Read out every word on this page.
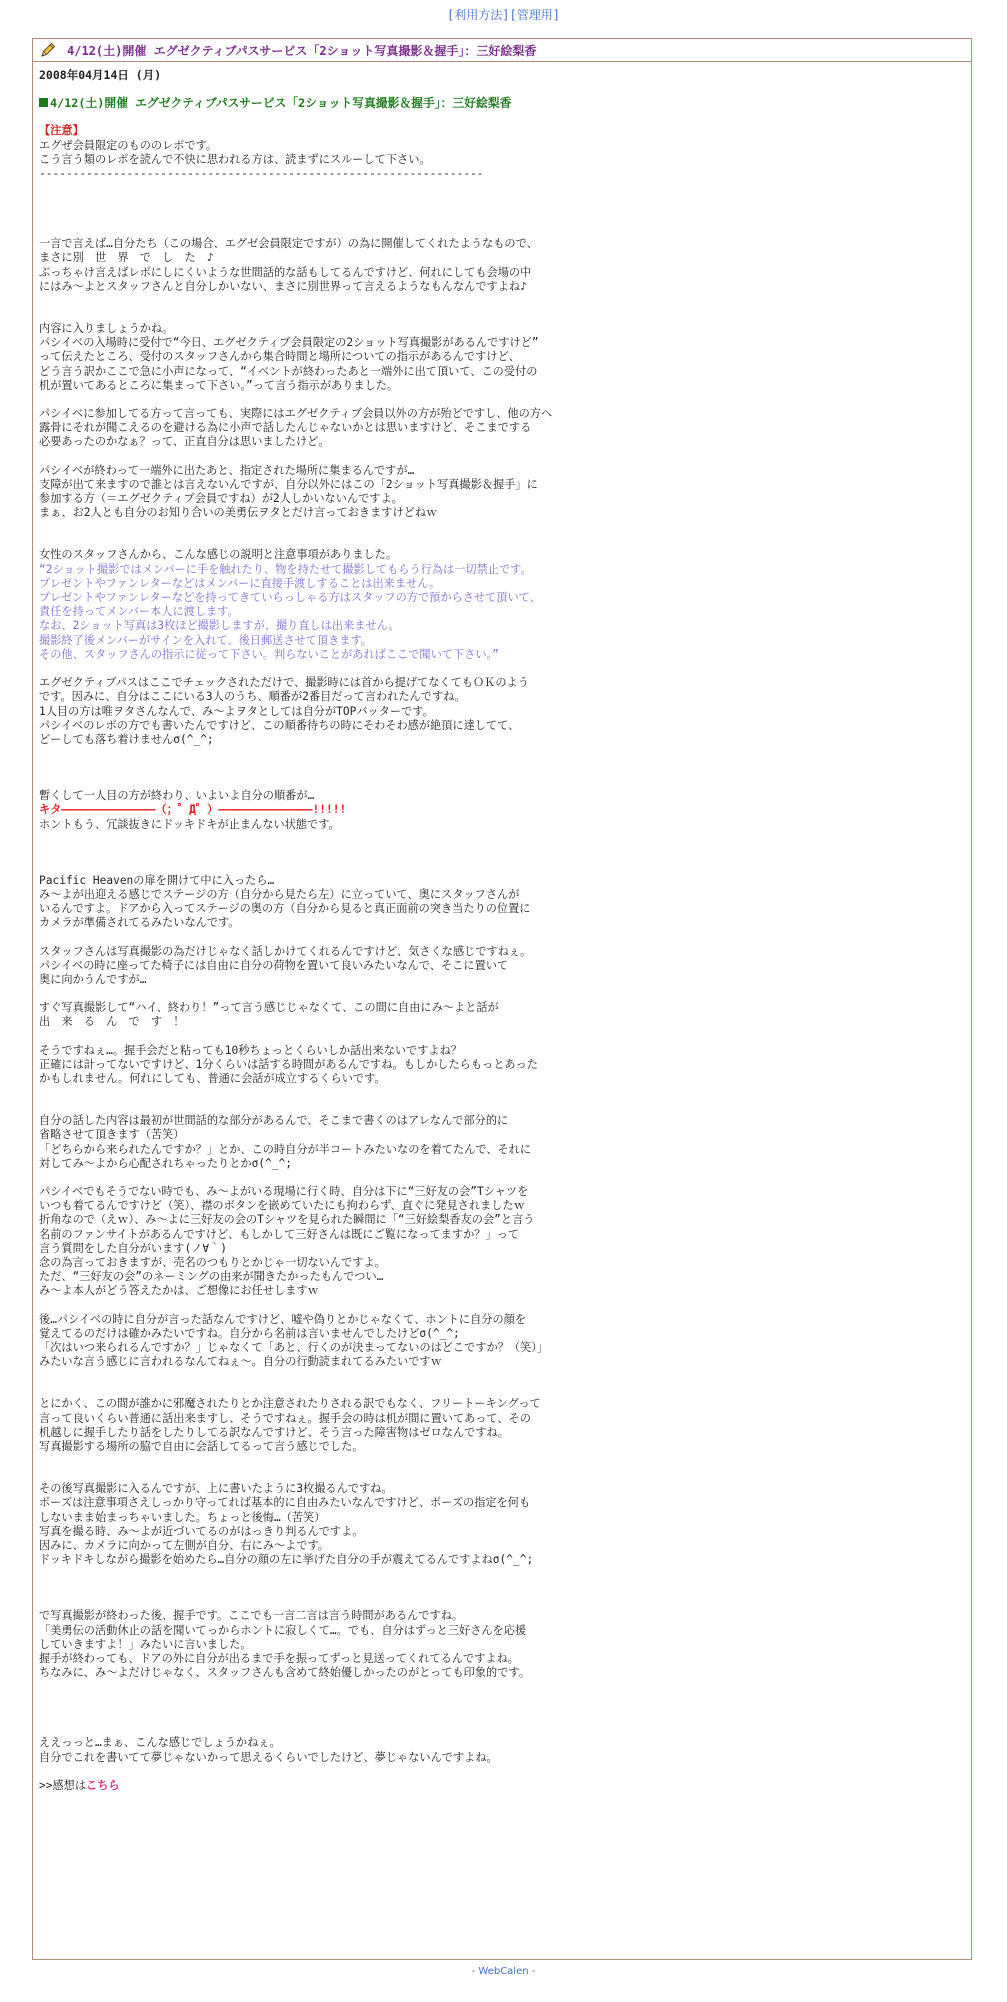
[利用方法][管理用]
4/12(土)開催 エグゼクティブパスサービス「2ショット写真撮影＆握手」：三好絵梨香
2008年04月14日 (月)
4/12(土)開催 エグゼクティブパスサービス「2ショット写真撮影＆握手」：三好絵梨香
【注意】
エグぜ会員限定のもののレポです。
こう言う類のレポを読んで不快に思われる方は、読まずにスルーして下さい。
------------------------------------------------------------------
一言で言えば…自分たち（この場合、エグゼ会員限定ですが）の為に開催してくれたようなもので、
まさに別　世　界　で　し　た　♪
ぶっちゃけ言えばレポにしにくいような世間話的な話もしてるんですけど、何れにしても会場の中
にはみ～よとスタッフさんと自分しかいない、まさに別世界って言えるようなもんなんですよね♪
内容に入りましょうかね。
パシイベの入場時に受付で“今日、エグゼクティブ会員限定の2ショット写真撮影があるんですけど”
って伝えたところ、受付のスタッフさんから集合時間と場所についての指示があるんですけど、
どう言う訳かここで急に小声になって、“イベントが終わったあと一端外に出て頂いて、この受付の
机が置いてあるところに集まって下さい。”って言う指示がありました。
パシイベに参加してる方って言っても、実際にはエグゼクティブ会員以外の方が殆どですし、他の方へ
露骨にそれが聞こえるのを避ける為に小声で話したんじゃないかとは思いますけど、そこまでする
必要あったのかなぁ？って、正直自分は思いましたけど。
パシイベが終わって一端外に出たあと、指定された場所に集まるんですが…
支障が出て来ますので誰とは言えないんですが、自分以外にはこの「2ショット写真撮影＆握手」に
参加する方（＝エグゼクティブ会員ですね）が2人しかいないんですよ。
まぁ、お2人とも自分のお知り合いの美勇伝ヲタとだけ言っておきますけどねｗ
女性のスタッフさんから、こんな感じの説明と注意事項がありました。
“2ショット撮影ではメンバーに手を触れたり、物を持たせて撮影してもらう行為は一切禁止です。
プレゼントやファンレターなどはメンバーに直接手渡しすることは出来ません。
プレゼントやファンレターなどを持ってきていらっしゃる方はスタッフの方で預からさせて頂いて、
責任を持ってメンバー本人に渡します。
なお、2ショット写真は3枚ほど撮影しますが、撮り直しは出来ません。
撮影終了後メンバーがサインを入れて、後日郵送させて頂きます。
その他、スタッフさんの指示に従って下さい。判らないことがあればここで聞いて下さい。”
エグゼクティブパスはここでチェックされただけで、撮影時には首から提げてなくてもＯＫのよう
です。因みに、自分はここにいる3人のうち、順番が2番目だって言われたんですね。
1人目の方は唯ヲタさんなんで、み～よヲタとしては自分がTOPバッターです。
パシイベのレポの方でも書いたんですけど、この順番待ちの時にそわそわ感が絶頂に達してて、
どーしても落ち着けませんσ(^_^;
暫くして一人目の方が終わり、いよいよ自分の順番が…
キタ――――――――――――――（；゜Д゜）――――――――――――――!!!!!
ホントもう、冗談抜きにドッキドキが止まんない状態です。
Pacific Heavenの扉を開けて中に入ったら…
み～よが出迎える感じでステージの方（自分から見たら左）に立っていて、奥にスタッフさんが
いるんですよ。ドアから入ってステージの奥の方（自分から見ると真正面前の突き当たりの位置に
カメラが準備されてるみたいなんです。
スタッフさんは写真撮影の為だけじゃなく話しかけてくれるんですけど、気さくな感じですねぇ。
パシイベの時に座ってた椅子には自由に自分の荷物を置いて良いみたいなんで、そこに置いて
奥に向かうんですが…
すぐ写真撮影して“ハイ、終わり！”って言う感じじゃなくて、この間に自由にみ～よと話が
出　来　る　ん　で　す　！
そうですねぇ…。握手会だと粘っても10秒ちょっとくらいしか話出来ないですよね？
正確には計ってないですけど、1分くらいは話する時間があるんですね。もしかしたらもっとあった
かもしれません。何れにしても、普通に会話が成立するくらいです。
自分の話した内容は最初が世間話的な部分があるんで、そこまで書くのはアレなんで部分的に
省略させて頂きます（苦笑）
「どちらから来られたんですか？」とか、この時自分が半コートみたいなのを着てたんで、それに
対してみ～よから心配されちゃったりとかσ(^_^;
パシイベでもそうでない時でも、み～よがいる現場に行く時、自分は下に“三好友の会”Tシャツを
いつも着てるんですけど（笑）、襟のボタンを嵌めていたにも拘わらず、直ぐに発見されましたｗ
折角なので（えｗ）、み～よに三好友の会のTシャツを見られた瞬間に「“三好絵梨香友の会”と言う
名前のファンサイトがあるんですけど、もしかして三好さんは既にご覧になってますか？」って
言う質問をした自分がいます(ノ∀｀)
念の為言っておきますが、売名のつもりとかじゃ一切ないんですよ。
ただ、“三好友の会”のネーミングの由来が聞きたかったもんでつい…
み～よ本人がどう答えたかは、ご想像にお任せしますｗ
後…パシイベの時に自分が言った話なんですけど、嘘や偽りとかじゃなくて、ホントに自分の顔を
覚えてるのだけは確かみたいですね。自分から名前は言いませんでしたけどσ(^_^;
「次はいつ来られるんですか？」じゃなくて「あと、行くのが決まってないのはどこですか？（笑）」
みたいな言う感じに言われるなんてねぇ～。自分の行動読まれてるみたいですｗ
とにかく、この間が誰かに邪魔されたりとか注意されたりされる訳でもなく、フリートーキングって
言って良いくらい普通に話出来ますし、そうですねぇ。握手会の時は机が間に置いてあって、その
机越しに握手したり話をしたりしてる訳なんですけど、そう言った障害物はゼロなんですね。
写真撮影する場所の脇で自由に会話してるって言う感じでした。
その後写真撮影に入るんですが、上に書いたように3枚撮るんですね。
ポーズは注意事項さえしっかり守ってれば基本的に自由みたいなんですけど、ポーズの指定を何も
しないまま始まっちゃいました。ちょっと後悔…（苦笑）
写真を撮る時、み～よが近づいてるのがはっきり判るんですよ。
因みに、カメラに向かって左側が自分、右にみ～よです。
ドッキドキしながら撮影を始めたら…自分の顔の左に挙げた自分の手が震えてるんですよねσ(^_^;
で写真撮影が終わった後、握手です。ここでも一言二言は言う時間があるんですね。
「美勇伝の活動休止の話を聞いてっからホントに寂しくて…。でも、自分はずっと三好さんを応援
していきますよ！」みたいに言いました。
握手が終わっても、ドアの外に自分が出るまで手を振ってずっと見送ってくれてるんですよね。
ちなみに、み～よだけじゃなく、スタッフさんも含めて終始優しかったのがとっても印象的です。
ええっっと…まぁ、こんな感じでしょうかねぇ。
自分でこれを書いてて夢じゃないかって思えるくらいでしたけど、夢じゃないんですよね。
>>感想はこちら
- WebCalen -
